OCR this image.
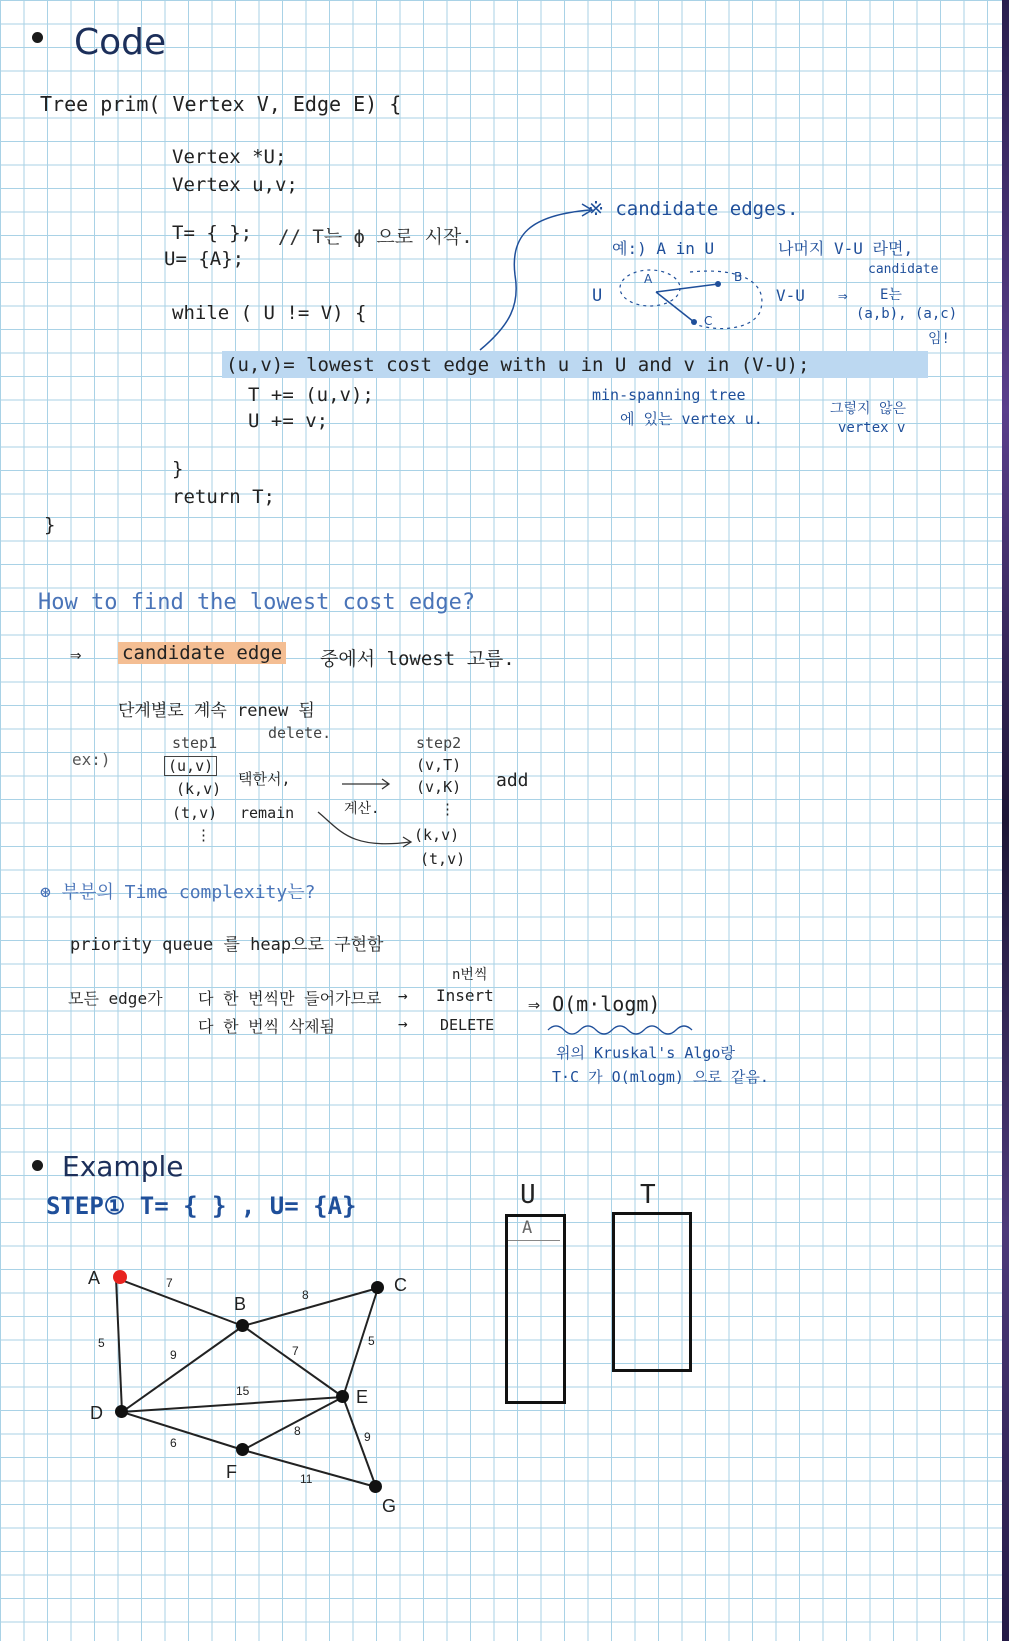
Code
Tree prim( Vertex V, Edge E) {
Vertex *U;
Vertex u,v;
T= { }; // T는 ϕ 으로 시작.
U= {A};
while ( U != V) {
(u,v)= lowest cost edge with u in U and v in (V-U);
T += (u,v);
U += v;
}
return T;
}
※ candidate edges.
예:) A in U	나머지 V-U 라면,
candidate
U	V-U ⇒ E는
(a,b), (a,c)
임!
A	B
C
min-spanning tree
에 있는 vertex u.
그렇지 않은
vertex v
How to find the lowest cost edge?
⇒ candidate edge 중에서 lowest 고름.
단계별로 계속 renew 됨
ex:)
step1
delete.
(u,v)
(k,v)
(t,v)
택한서,
remain	계산.
⋮
step2
(v,T)
(v,K) add
⋮
(k,v)
(t,v)
⊛ 부분의 Time complexity는?
priority queue 를 heap으로 구현함
n번씩
모든 edge가 다 한 번씩만 들어가므로 → Insert
다 한 번씩 삭제됨	→ DELETE
⇒ O(m·logm)
위의 Kruskal's Algo랑
T·C 가 O(mlogm) 으로 같음.
Example
STEP① T= { } , U= {A}
A
B
C
D
E
F
G
7
5
8
9	7
5
15
6
8	9
11
U	T
A
